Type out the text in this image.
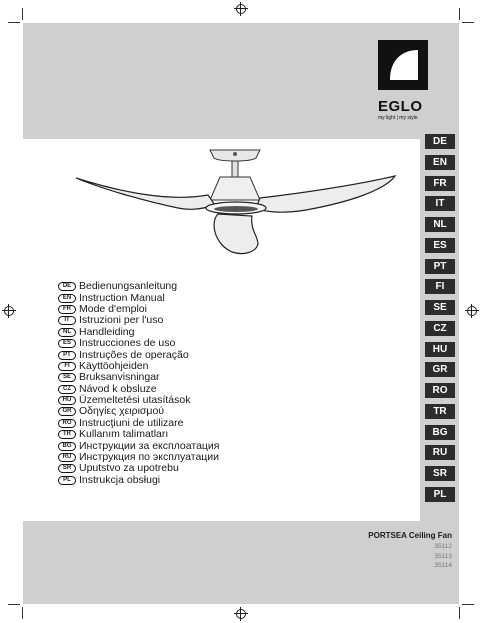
EGLO
my light | my style
DE
EN
FR
IT
NL
ES
PT
FI
SE
CZ
HU
GR
RO
TR
BG
RU
SR
PL
DE Bedienungsanleitung
EN Instruction Manual
FR Mode d'emploi
IT Istruzioni per l'uso
NL Handleiding
ES Instrucciones de uso
PT Instruções de operação
FI Käyttöohjeiden
SE Bruksanvisningar
CZ Návod k obsluze
HU Üzemeltetési utasítások
GR Οδηγίες χειρισμού
RO Instrucţiuni de utilizare
TR Kullanım talimatları
BG Инструкции за експлоатация
RU Инструкция по эксплуатации
SR Uputstvo za upotrebu
PL Instrukcja obsługi
PORTSEA Ceiling Fan
35112
35113
35114
